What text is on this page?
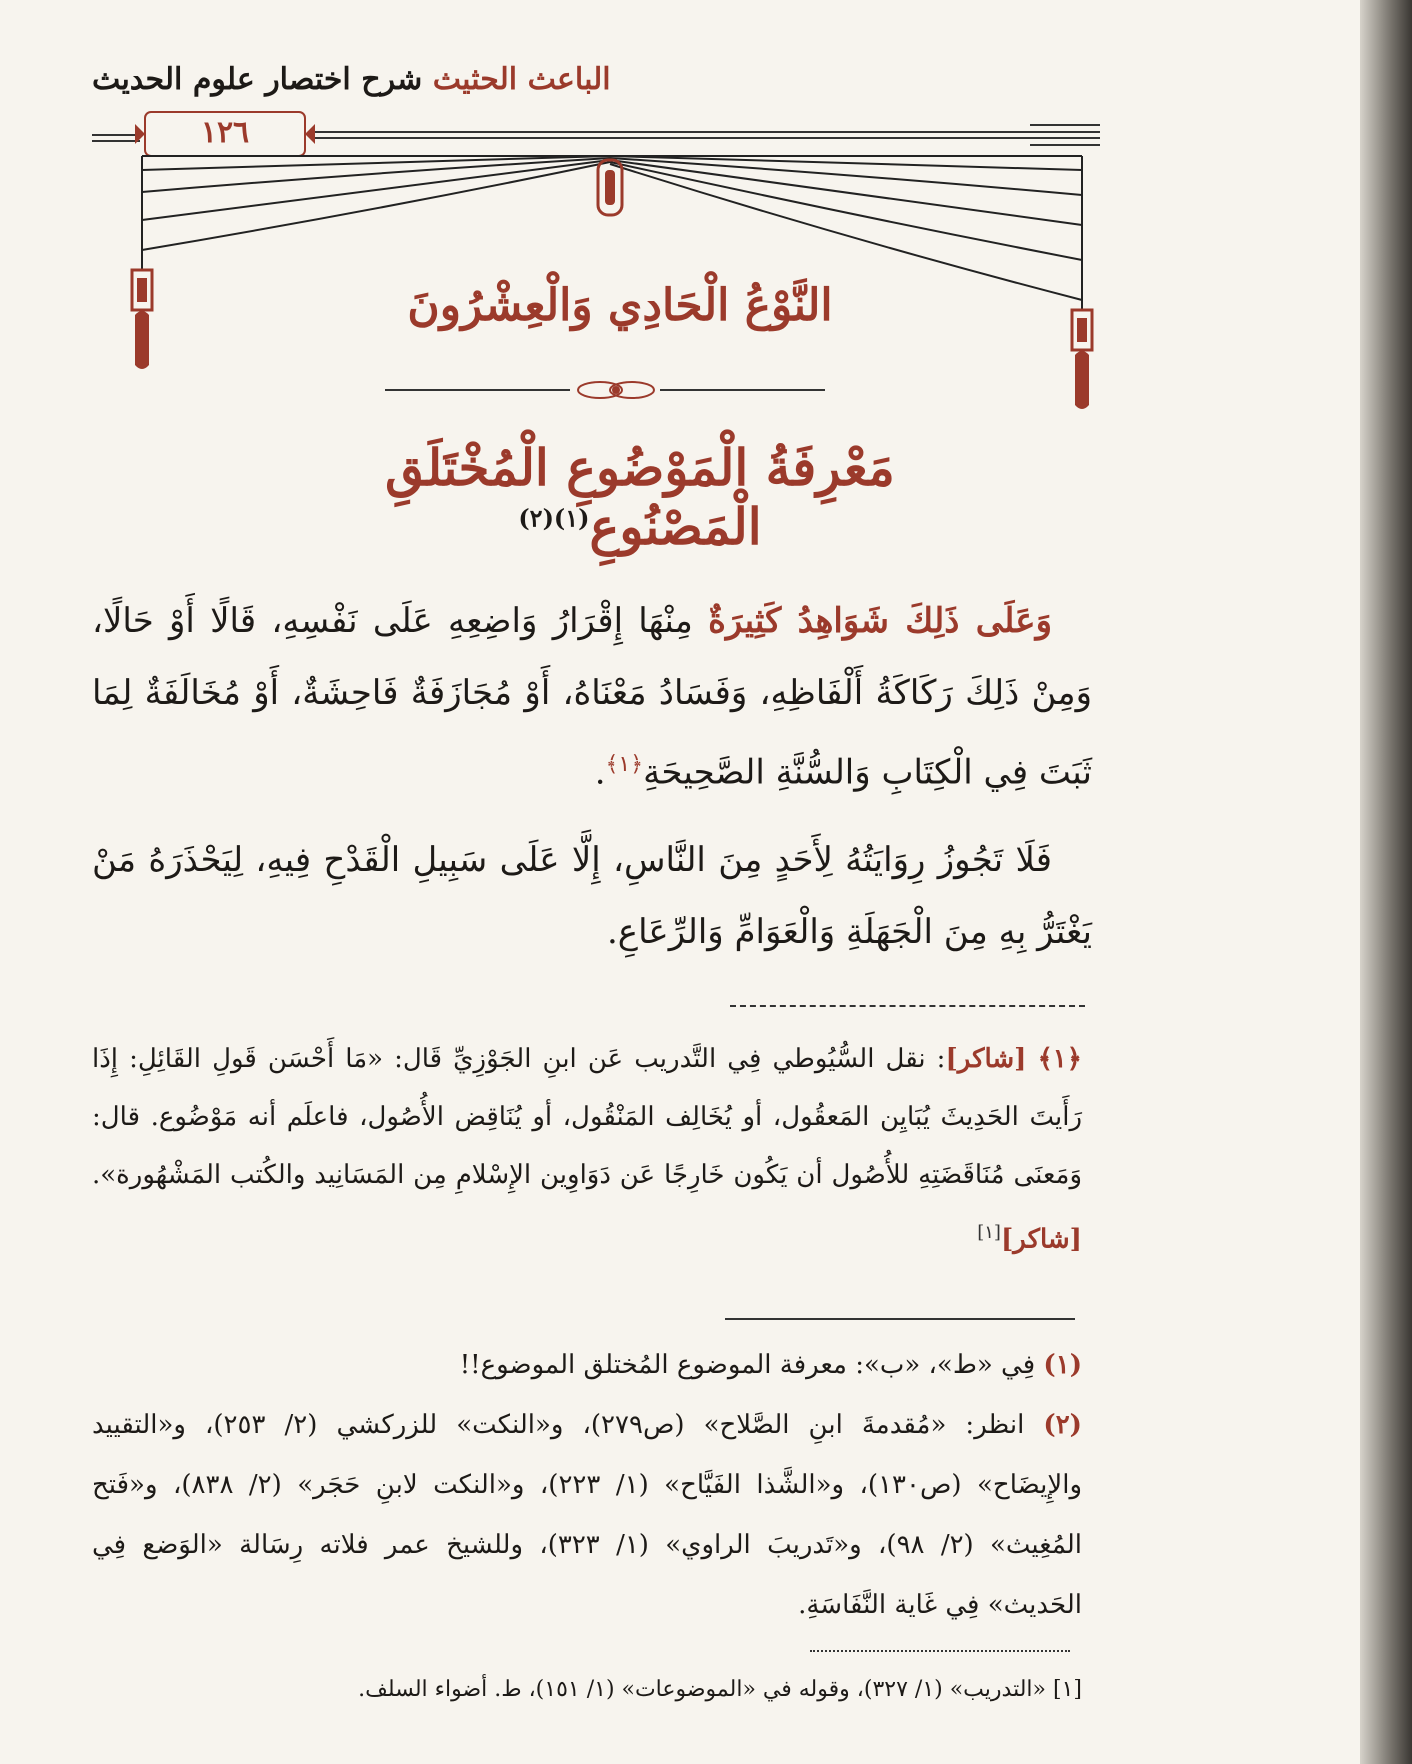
الباعث الحثيث شرح اختصار علوم الحديث
١٢٦
النَّوْعُ الْحَادِي وَالْعِشْرُونَ
مَعْرِفَةُ الْمَوْضُوعِ الْمُخْتَلَقِ الْمَصْنُوعِ$^{(١)(٢)}$

وَعَلَى ذَلِكَ شَوَاهِدُ كَثِيرَةٌ مِنْهَا إِقْرَارُ وَاضِعِهِ عَلَى نَفْسِهِ، قَالًا أَوْ حَالًا، وَمِنْ ذَلِكَ رَكَاكَةُ أَلْفَاظِهِ، وَفَسَادُ مَعْنَاهُ، أَوْ مُجَازَفَةٌ فَاحِشَةٌ، أَوْ مُخَالَفَةٌ لِمَا ثَبَتَ فِي الْكِتَابِ وَالسُّنَّةِ الصَّحِيحَةِ$^{﴿١﴾}$.

فَلَا تَجُوزُ رِوَايَتُهُ لِأَحَدٍ مِنَ النَّاسِ، إِلَّا عَلَى سَبِيلِ الْقَدْحِ فِيهِ، لِيَحْذَرَهُ مَنْ يَغْتَرُّ بِهِ مِنَ الْجَهَلَةِ وَالْعَوَامِّ وَالرِّعَاعِ.

﴿١﴾ [شاكر]: نقل السُّيُوطي فِي التَّدريب عَن ابنِ الجَوْزِيِّ قَال: «مَا أَحْسَن قَولِ القَائِلِ: إِذَا رَأَيتَ الحَدِيثَ يُبَايِن المَعقُول، أو يُخَالِف المَنْقُول، أو يُنَاقِض الأُصُول، فاعلَم أنه مَوْضُوع. قال: وَمَعنَى مُنَاقَضَتِهِ للأُصُول أن يَكُون خَارِجًا عَن دَوَاوِين الإِسْلامِ مِن المَسَانِيد والكُتب المَشْهُورة». [شاكر][١]
(١) فِي «ط»، «ب»: معرفة الموضوع المُختلق الموضوع!!
(٢) انظر: «مُقدمةَ ابنِ الصَّلاح» (ص٢٧٩)، و«النكت» للزركشي (٢/ ٢٥٣)، و«التقييد والإِيضَاح» (ص١٣٠)، و«الشَّذا الفَيَّاح» (١/ ٢٢٣)، و«النكت لابنِ حَجَر» (٢/ ٨٣٨)، و«فَتح المُغِيث» (٢/ ٩٨)، و«تَدريبَ الراوي» (١/ ٣٢٣)، وللشيخ عمر فلاته رِسَالة «الوَضع فِي الحَديث» فِي غَاية النَّفَاسَةِ.
[١] «التدريب» (١/ ٣٢٧)، وقوله في «الموضوعات» (١/ ١٥١)، ط. أضواء السلف.
